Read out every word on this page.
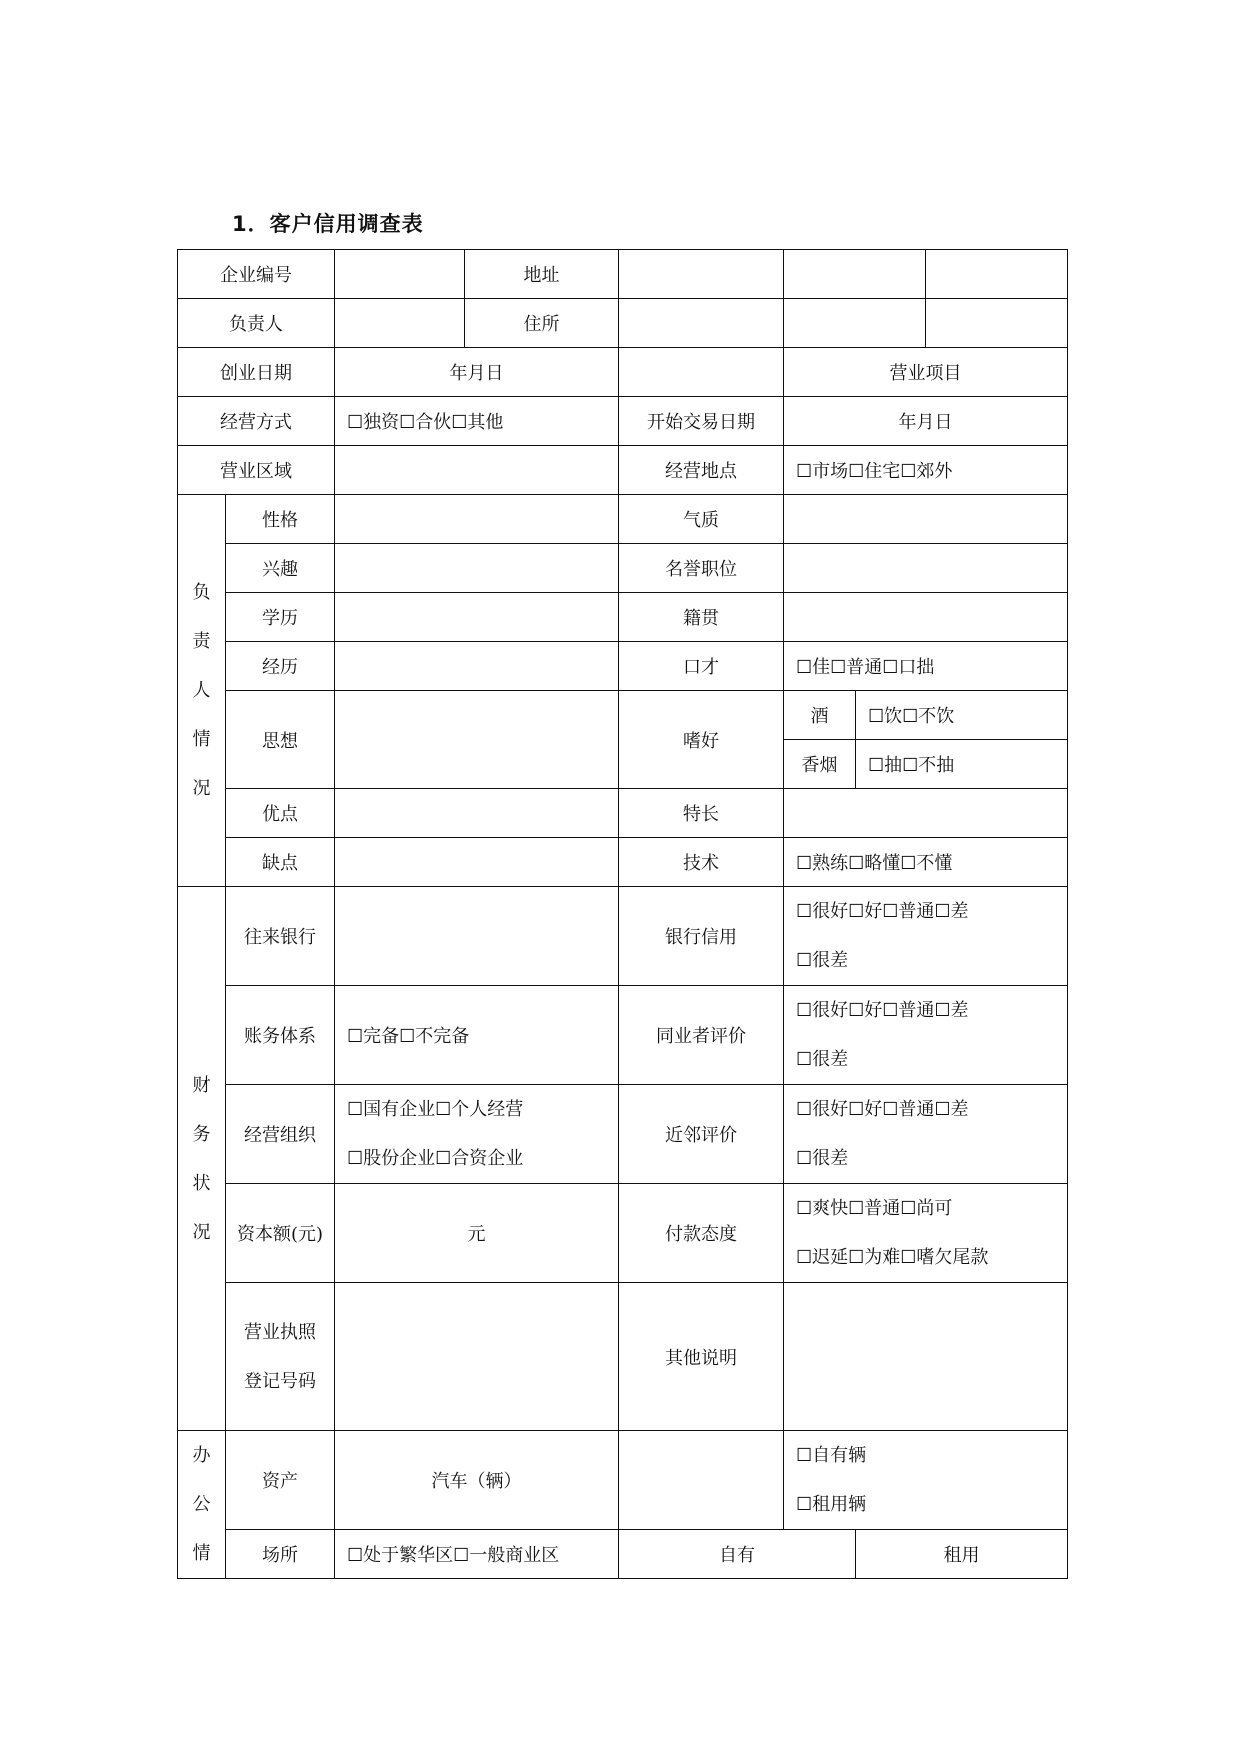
1．客户信用调查表
企业编号			地址				
负责人			住所				
创业日期		年月日			营业项目		
经营方式		☐独资☐合伙☐其他		开始交易日期	年月日		
营业区域				经营地点	☐市场☐住宅☐郊外		

负
责
人
情
况	性格			气质			
	兴趣			名誉职位			
	学历			籍贯			
	经历			口才	☐佳☐普通☐口拙		
	思想			嗜好	酒	☐饮☐不饮	
					香烟	☐抽☐不抽	
	优点			特长			
	缺点			技术	☐熟练☐略懂☐不懂		

财
务
状
况	往来银行			银行信用	☐很好☐好☐普通☐差
☐很差		

	账务体系	☐完备☐不完备		同业者评价	☐很好☐好☐普通☐差
☐很差		

	经营组织	☐国有企业☐个人经营
☐股份企业☐合资企业		近邻评价	☐很好☐好☐普通☐差
☐很差		

	资本额(元)	元		付款态度	☐爽快☐普通☐尚可
☐迟延☐为难☐嗜欠尾款		

	营业执照
登记号码			其他说明			

办
公
情	资产	汽车（辆）			☐自有辆
☐租用辆		

	场所	☐处于繁华区☐一般商业区		自有		租用	
